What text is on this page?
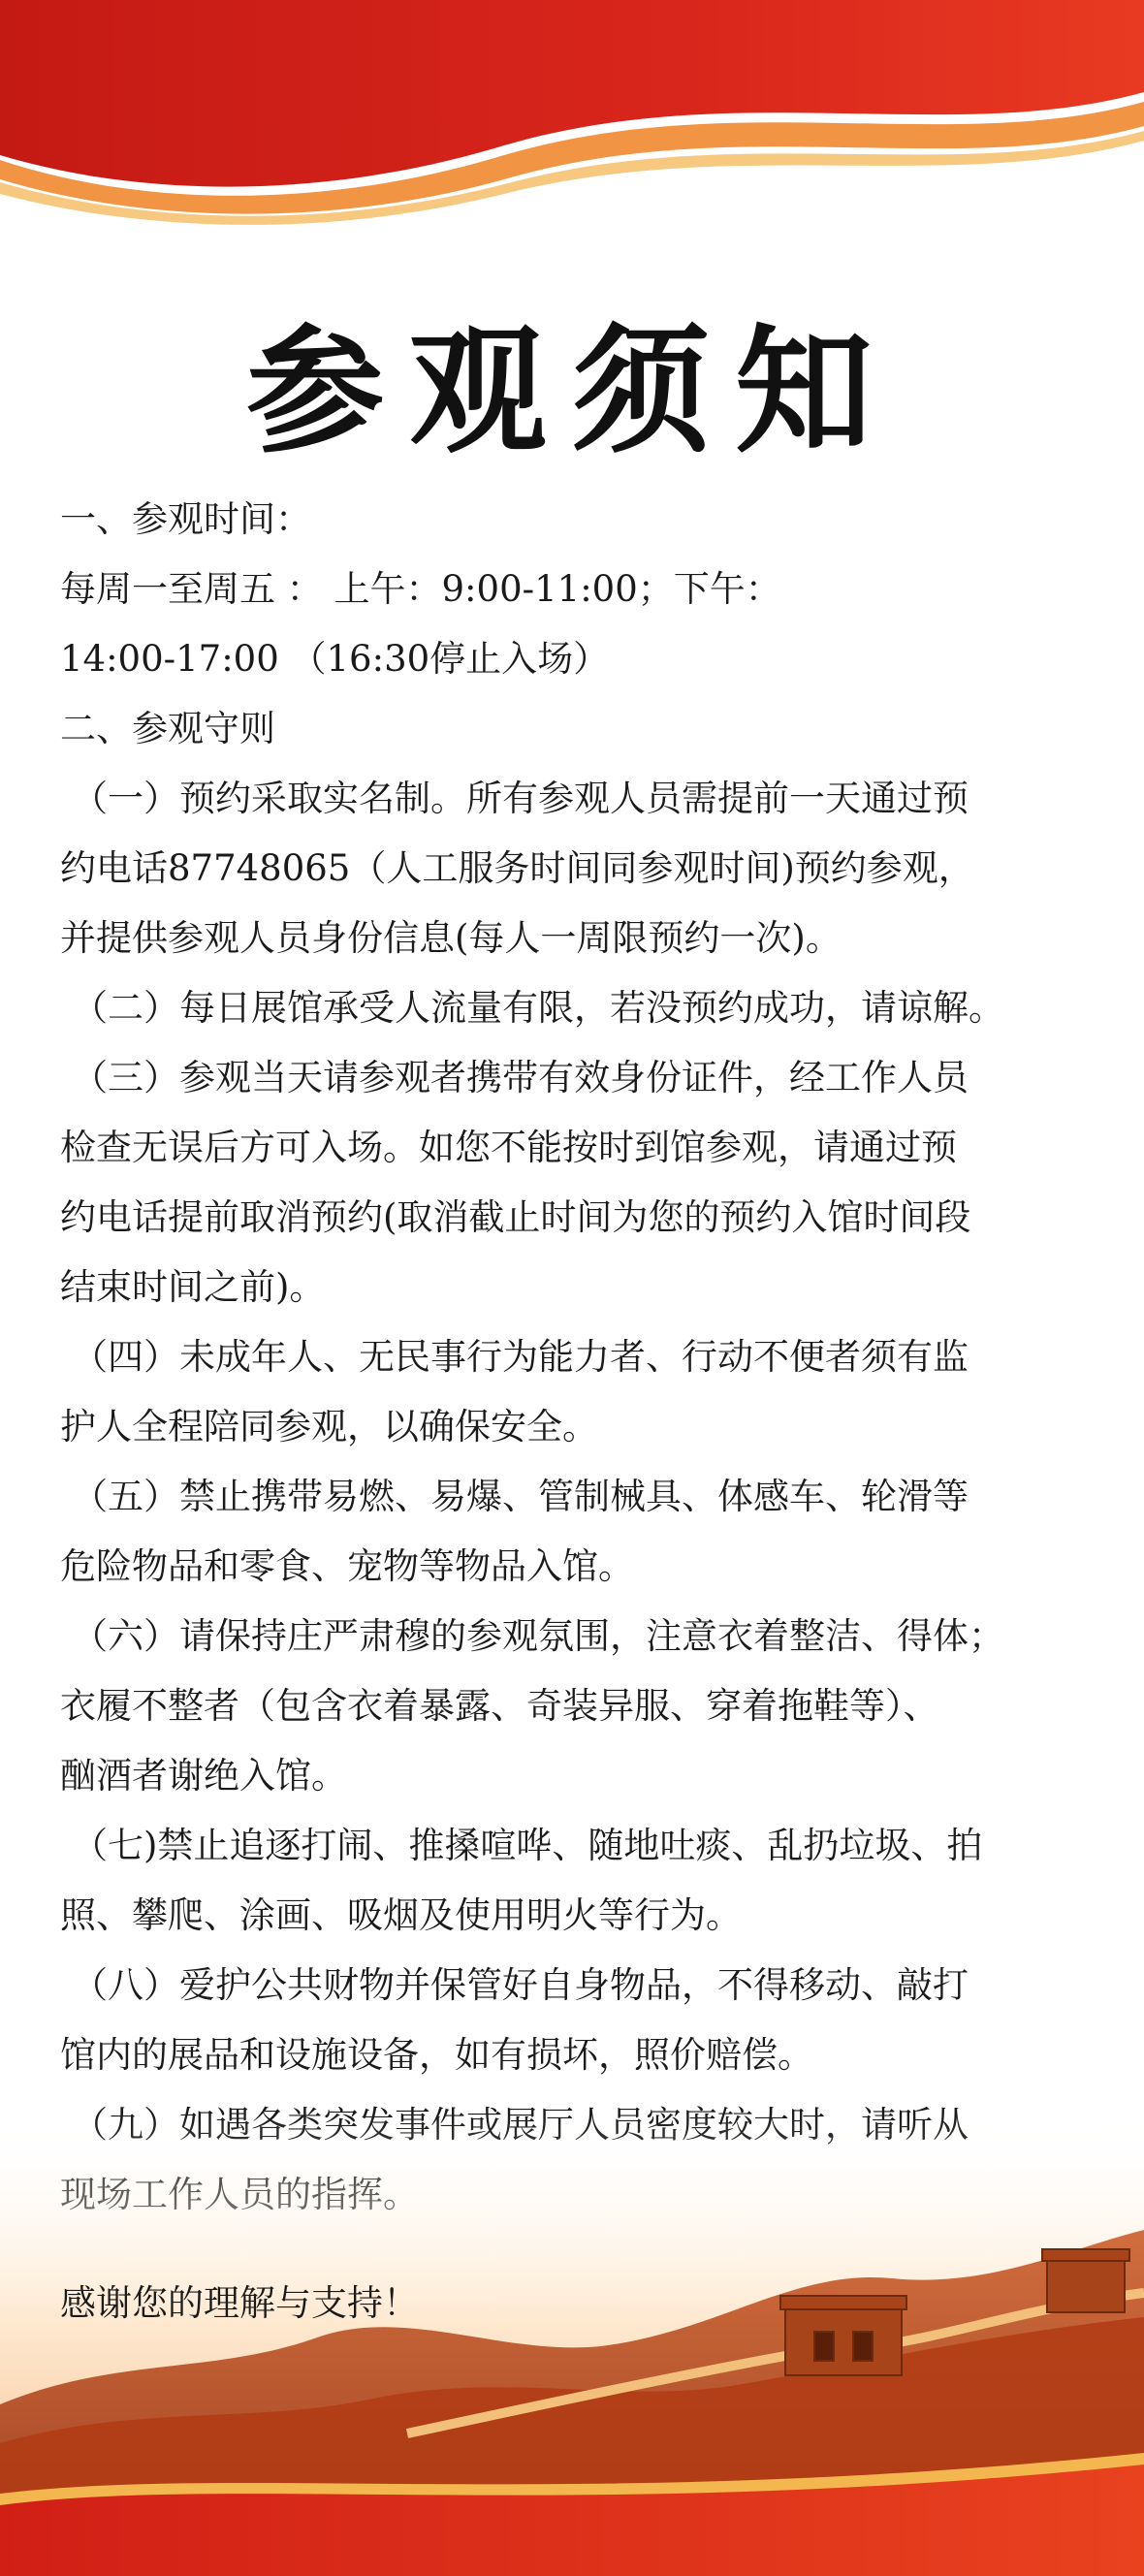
参观须知
一、参观时间：
每周一至周五 ： 上午：9:00-11:00；下午：
14:00-17:00 （16:30停止入场）
二、参观守则
（一）预约采取实名制。所有参观人员需提前一天通过预
约电话87748065（人工服务时间同参观时间)预约参观，
并提供参观人员身份信息(每人一周限预约一次)。
（二）每日展馆承受人流量有限，若没预约成功，请谅解。
（三）参观当天请参观者携带有效身份证件，经工作人员
检查无误后方可入场。如您不能按时到馆参观，请通过预
约电话提前取消预约(取消截止时间为您的预约入馆时间段
结束时间之前)。
（四）未成年人、无民事行为能力者、行动不便者须有监
护人全程陪同参观，以确保安全。
（五）禁止携带易燃、易爆、管制械具、体感车、轮滑等
危险物品和零食、宠物等物品入馆。
（六）请保持庄严肃穆的参观氛围，注意衣着整洁、得体；
衣履不整者（包含衣着暴露、奇装异服、穿着拖鞋等）、
酗酒者谢绝入馆。
（七)禁止追逐打闹、推搡喧哗、随地吐痰、乱扔垃圾、拍
照、攀爬、涂画、吸烟及使用明火等行为。
（八）爱护公共财物并保管好自身物品，不得移动、敲打
馆内的展品和设施设备，如有损坏，照价赔偿。
感谢您的理解与支持！
